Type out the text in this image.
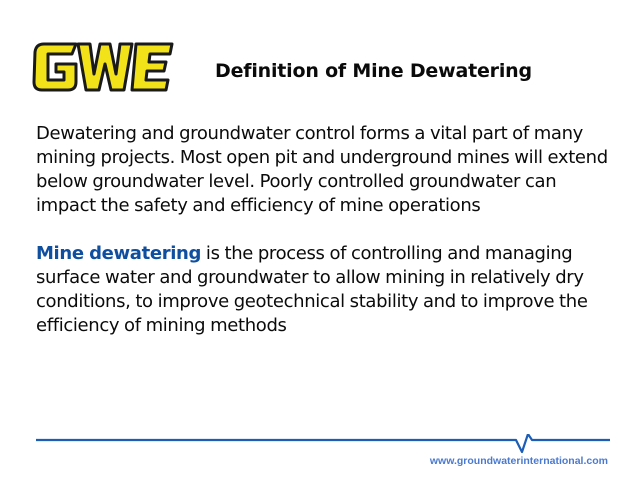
Definition of Mine Dewatering

Dewatering and groundwater control forms a vital part of many mining projects. Most open pit and underground mines will extend below groundwater level. Poorly controlled groundwater can impact the safety and efficiency of mine operations

Mine dewatering is the process of controlling and managing surface water and groundwater to allow mining in relatively dry conditions, to improve geotechnical stability and to improve the efficiency of mining methods

www.groundwaterinternational.com
